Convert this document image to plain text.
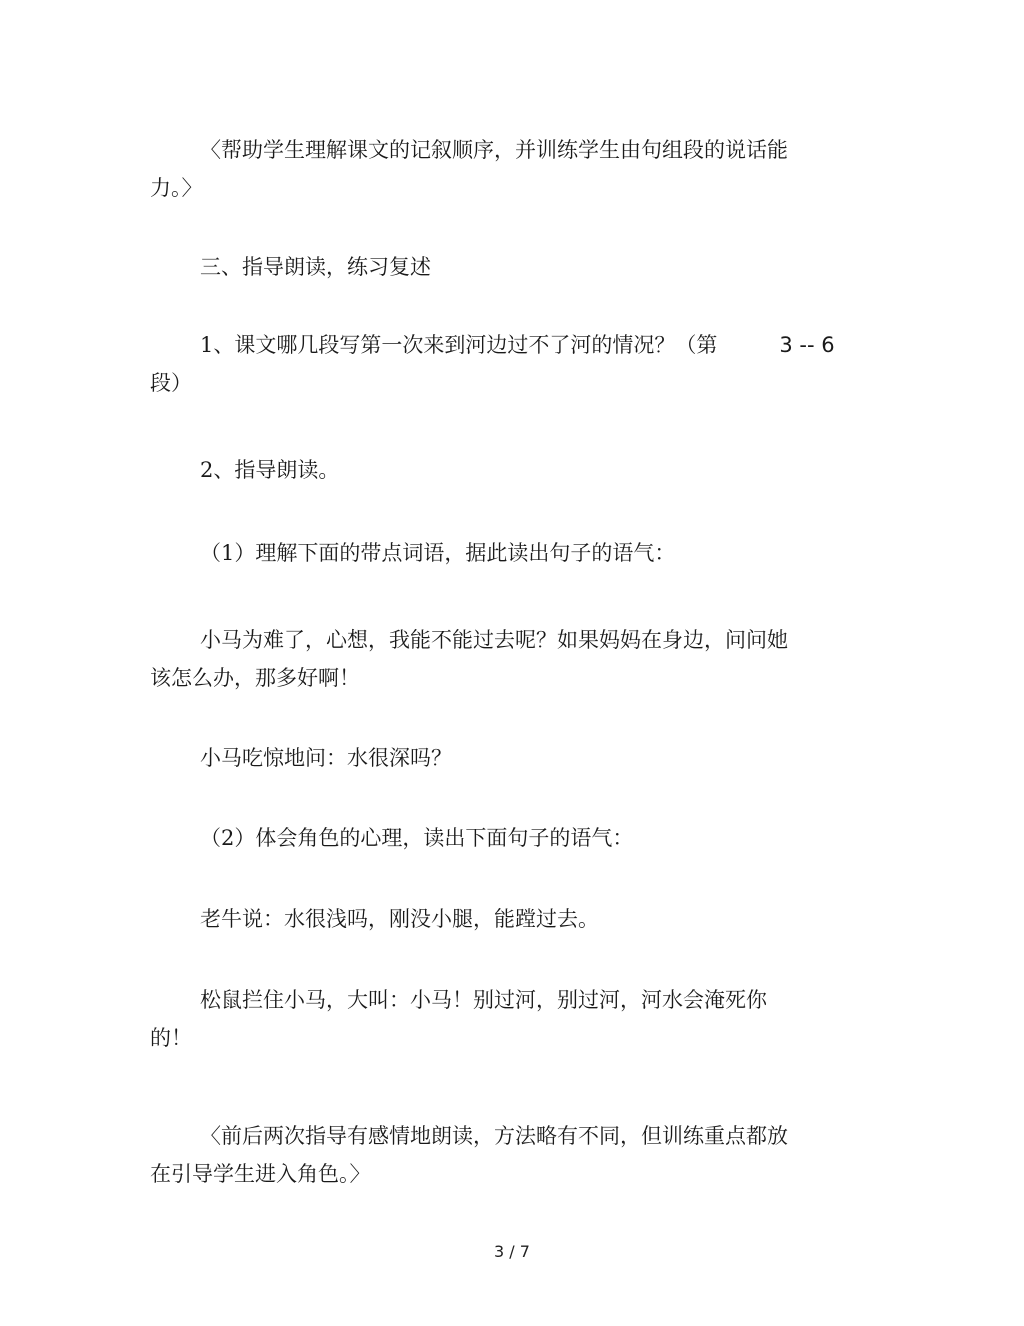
〈帮助学生理解课文的记叙顺序，并训练学生由句组段的说话能
力。〉
三、指导朗读，练习复述
1、课文哪几段写第一次来到河边过不了河的情况？（第	3 -- 6
段）
2、指导朗读。
（1）理解下面的带点词语，据此读出句子的语气：
小马为难了，心想，我能不能过去呢？如果妈妈在身边，问问她
该怎么办，那多好啊！
小马吃惊地问：水很深吗？
（2）体会角色的心理，读出下面句子的语气：
老牛说：水很浅吗，刚没小腿，能蹚过去。
松鼠拦住小马，大叫：小马！别过河，别过河，河水会淹死你
的！
〈前后两次指导有感情地朗读，方法略有不同，但训练重点都放
在引导学生进入角色。〉
3 / 7
